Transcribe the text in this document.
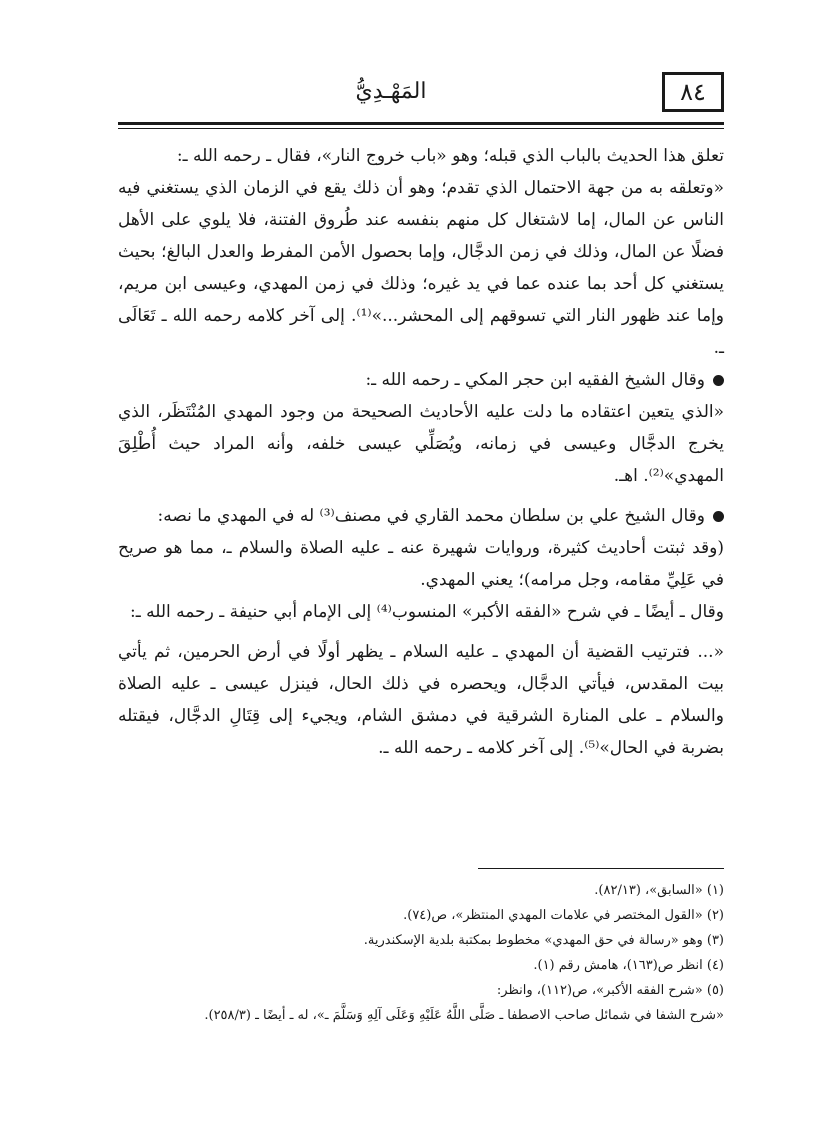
المَهْـدِيُّ	٨٤

تعلق هذا الحديث بالباب الذي قبله؛ وهو «باب خروج النار»، فقال ـ رحمه الله ـ:

«وتعلقه به من جهة الاحتمال الذي تقدم؛ وهو أن ذلك يقع في الزمان الذي يستغني فيه الناس عن المال، إما لاشتغال كل منهم بنفسه عند طُروق الفتنة، فلا يلوي على الأهل فضلًا عن المال، وذلك في زمن الدجَّال، وإما بحصول الأمن المفرط والعدل البالغ؛ بحيث يستغني كل أحد بما عنده عما في يد غيره؛ وذلك في زمن المهدي، وعيسى ابن مريم، وإما عند ظهور النار التي تسوقهم إلى المحشر...»⁽¹⁾. إلى آخر كلامه رحمه الله ـ تَعَالَى ـ.

وقال الشيخ الفقيه ابن حجر المكي ـ رحمه الله ـ:

«الذي يتعين اعتقاده ما دلت عليه الأحاديث الصحيحة من وجود المهدي المُنْتَظَر، الذي يخرج الدجَّال وعيسى في زمانه، ويُصَلِّي عيسى خلفه، وأنه المراد حيث أُطْلِقَ المهدي»⁽²⁾. اهـ.

وقال الشيخ علي بن سلطان محمد القاري في مصنف⁽³⁾ له في المهدي ما نصه:

(وقد ثبتت أحاديث كثيرة، وروايات شهيرة عنه ـ عليه الصلاة والسلام ـ، مما هو صريح في عَلِيِّ مقامه، وجل مرامه)؛ يعني المهدي.

وقال ـ أيضًا ـ في شرح «الفقه الأكبر» المنسوب⁽⁴⁾ إلى الإمام أبي حنيفة ـ رحمه الله ـ:

«... فترتيب القضية أن المهدي ـ عليه السلام ـ يظهر أولًا في أرض الحرمين، ثم يأتي بيت المقدس، فيأتي الدجَّال، ويحصره في ذلك الحال، فينزل عيسى ـ عليه الصلاة والسلام ـ على المنارة الشرقية في دمشق الشام، ويجيء إلى قِتَالِ الدجَّال، فيقتله بضربة في الحال»⁽⁵⁾. إلى آخر كلامه ـ رحمه الله ـ.

(١) «السابق»، (٨٢/١٣).
(٢) «القول المختصر في علامات المهدي المنتظر»، ص(٧٤).
(٣) وهو «رسالة في حق المهدي» مخطوط بمكتبة بلدية الإسكندرية.
(٤) انظر ص(١٦٣)، هامش رقم (١).
(٥) «شرح الفقه الأكبر»، ص(١١٢)، وانظر:
«شرح الشفا في شمائل صاحب الاصطفا ـ صَلَّى اللَّهُ عَلَيْهِ وَعَلَى آلِهِ وَسَلَّمَ ـ»، له ـ أيضًا ـ (٢٥٨/٣).
